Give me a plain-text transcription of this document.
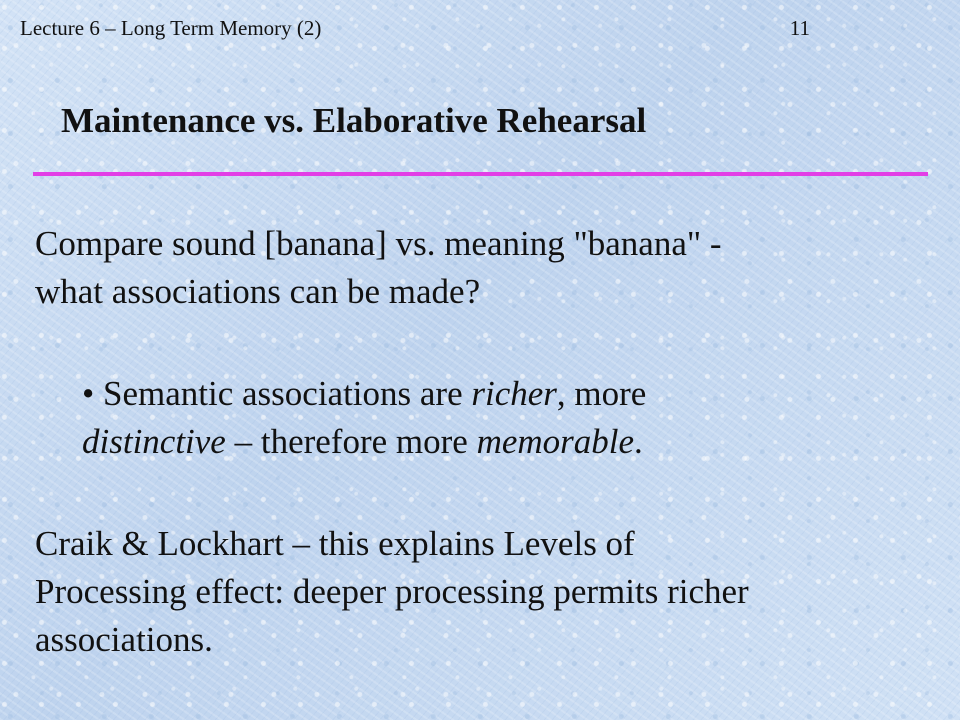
Lecture 6 – Long Term Memory (2)	11
Maintenance vs. Elaborative Rehearsal

Compare sound [banana] vs. meaning "banana" -
what associations can be made?

• Semantic associations are richer, more
distinctive – therefore more memorable.

Craik & Lockhart – this explains Levels of
Processing effect: deeper processing permits richer
associations.
